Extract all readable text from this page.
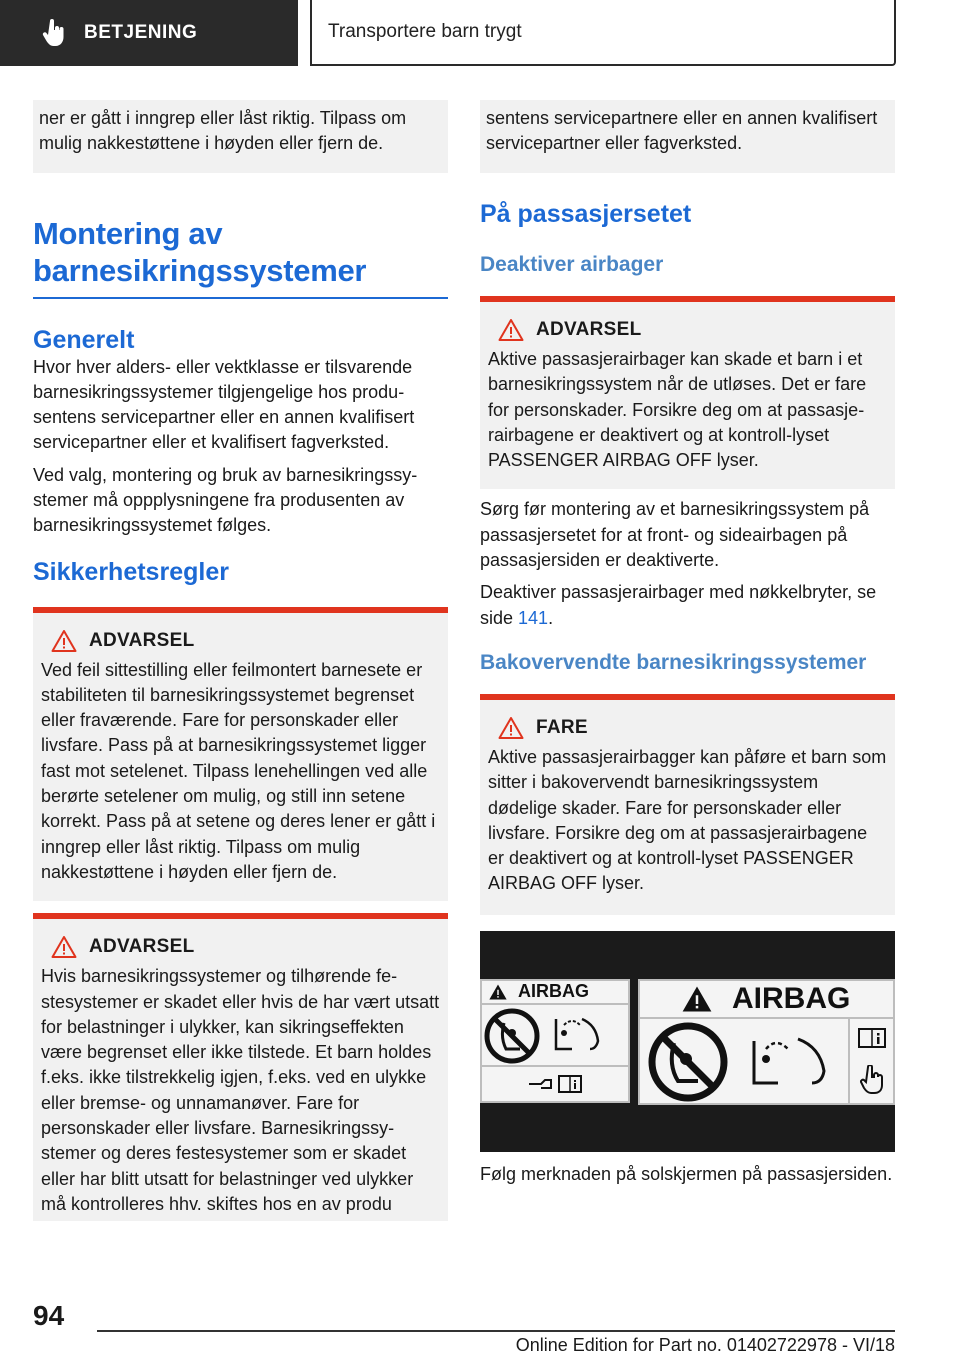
BETJENING	Transportere barn trygt

ner er gått i inngrep eller låst riktig. Tilpass om mulig nakkestøttene i høyden eller fjern de.

Montering av barnesikringssystemer
Generelt

Hvor hver alders- eller vektklasse er tilsvarende barnesikringssystemer tilgjengelige hos produsentens servicepartner eller en annen kvalifisert servicepartner eller et kvalifisert fagverksted.

Ved valg, montering og bruk av barnesikringssystemer må oppplysningene fra produsenten av barnesikringssystemet følges.

Sikkerhetsregler
ADVARSEL

Ved feil sittestilling eller feilmontert barnesete er stabiliteten til barnesikringssystemet begrenset eller fraværende. Fare for personskader eller livsfare. Pass på at barnesikringssystemet ligger fast mot setelenet. Tilpass lenehellingen ved alle berørte setelener om mulig, og still inn setene korrekt. Pass på at setene og deres lener er gått i inngrep eller låst riktig. Tilpass om mulig nakkestøttene i høyden eller fjern de.

ADVARSEL

Hvis barnesikringssystemer og tilhørende festesystemer er skadet eller hvis de har vært utsatt for belastninger i ulykker, kan sikringseffekten være begrenset eller ikke tilstede. Et barn holdes f.eks. ikke tilstrekkelig igjen, f.eks. ved en ulykke eller bremse- og unnamanøver. Fare for personskader eller livsfare. Barnesikringssystemer og deres festesystemer som er skadet eller har blitt utsatt for belastninger ved ulykker må kontrolleres hhv. skiftes hos en av produ

sentens servicepartnere eller en annen kvalifisert servicepartner eller fagverksted.

På passasjersetet
Deaktiver airbager
ADVARSEL

Aktive passasjerairbager kan skade et barn i et barnesikringssystem når de utløses. Det er fare for personskader. Forsikre deg om at passasjerairbagene er deaktivert og at kontroll-lyset PASSENGER AIRBAG OFF lyser.

Sørg før montering av et barnesikringssystem på passasjersetet for at front- og sideairbagen på passasjersiden er deaktiverte.

Deaktiver passasjerairbager med nøkkelbryter, se side 141.

Bakovervendte barnesikringssystemer
FARE

Aktive passasjerairbagger kan påføre et barn som sitter i bakovervendt barnesikringssystem dødelige skader. Fare for personskader eller livsfare. Forsikre deg om at passasjerairbagene er deaktivert og at kontroll-lyset PASSENGER AIRBAG OFF lyser.

AIRBAG	AIRBAG

Følg merknaden på solskjermen på passasjersiden.

94
Online Edition for Part no. 01402722978 - VI/18
